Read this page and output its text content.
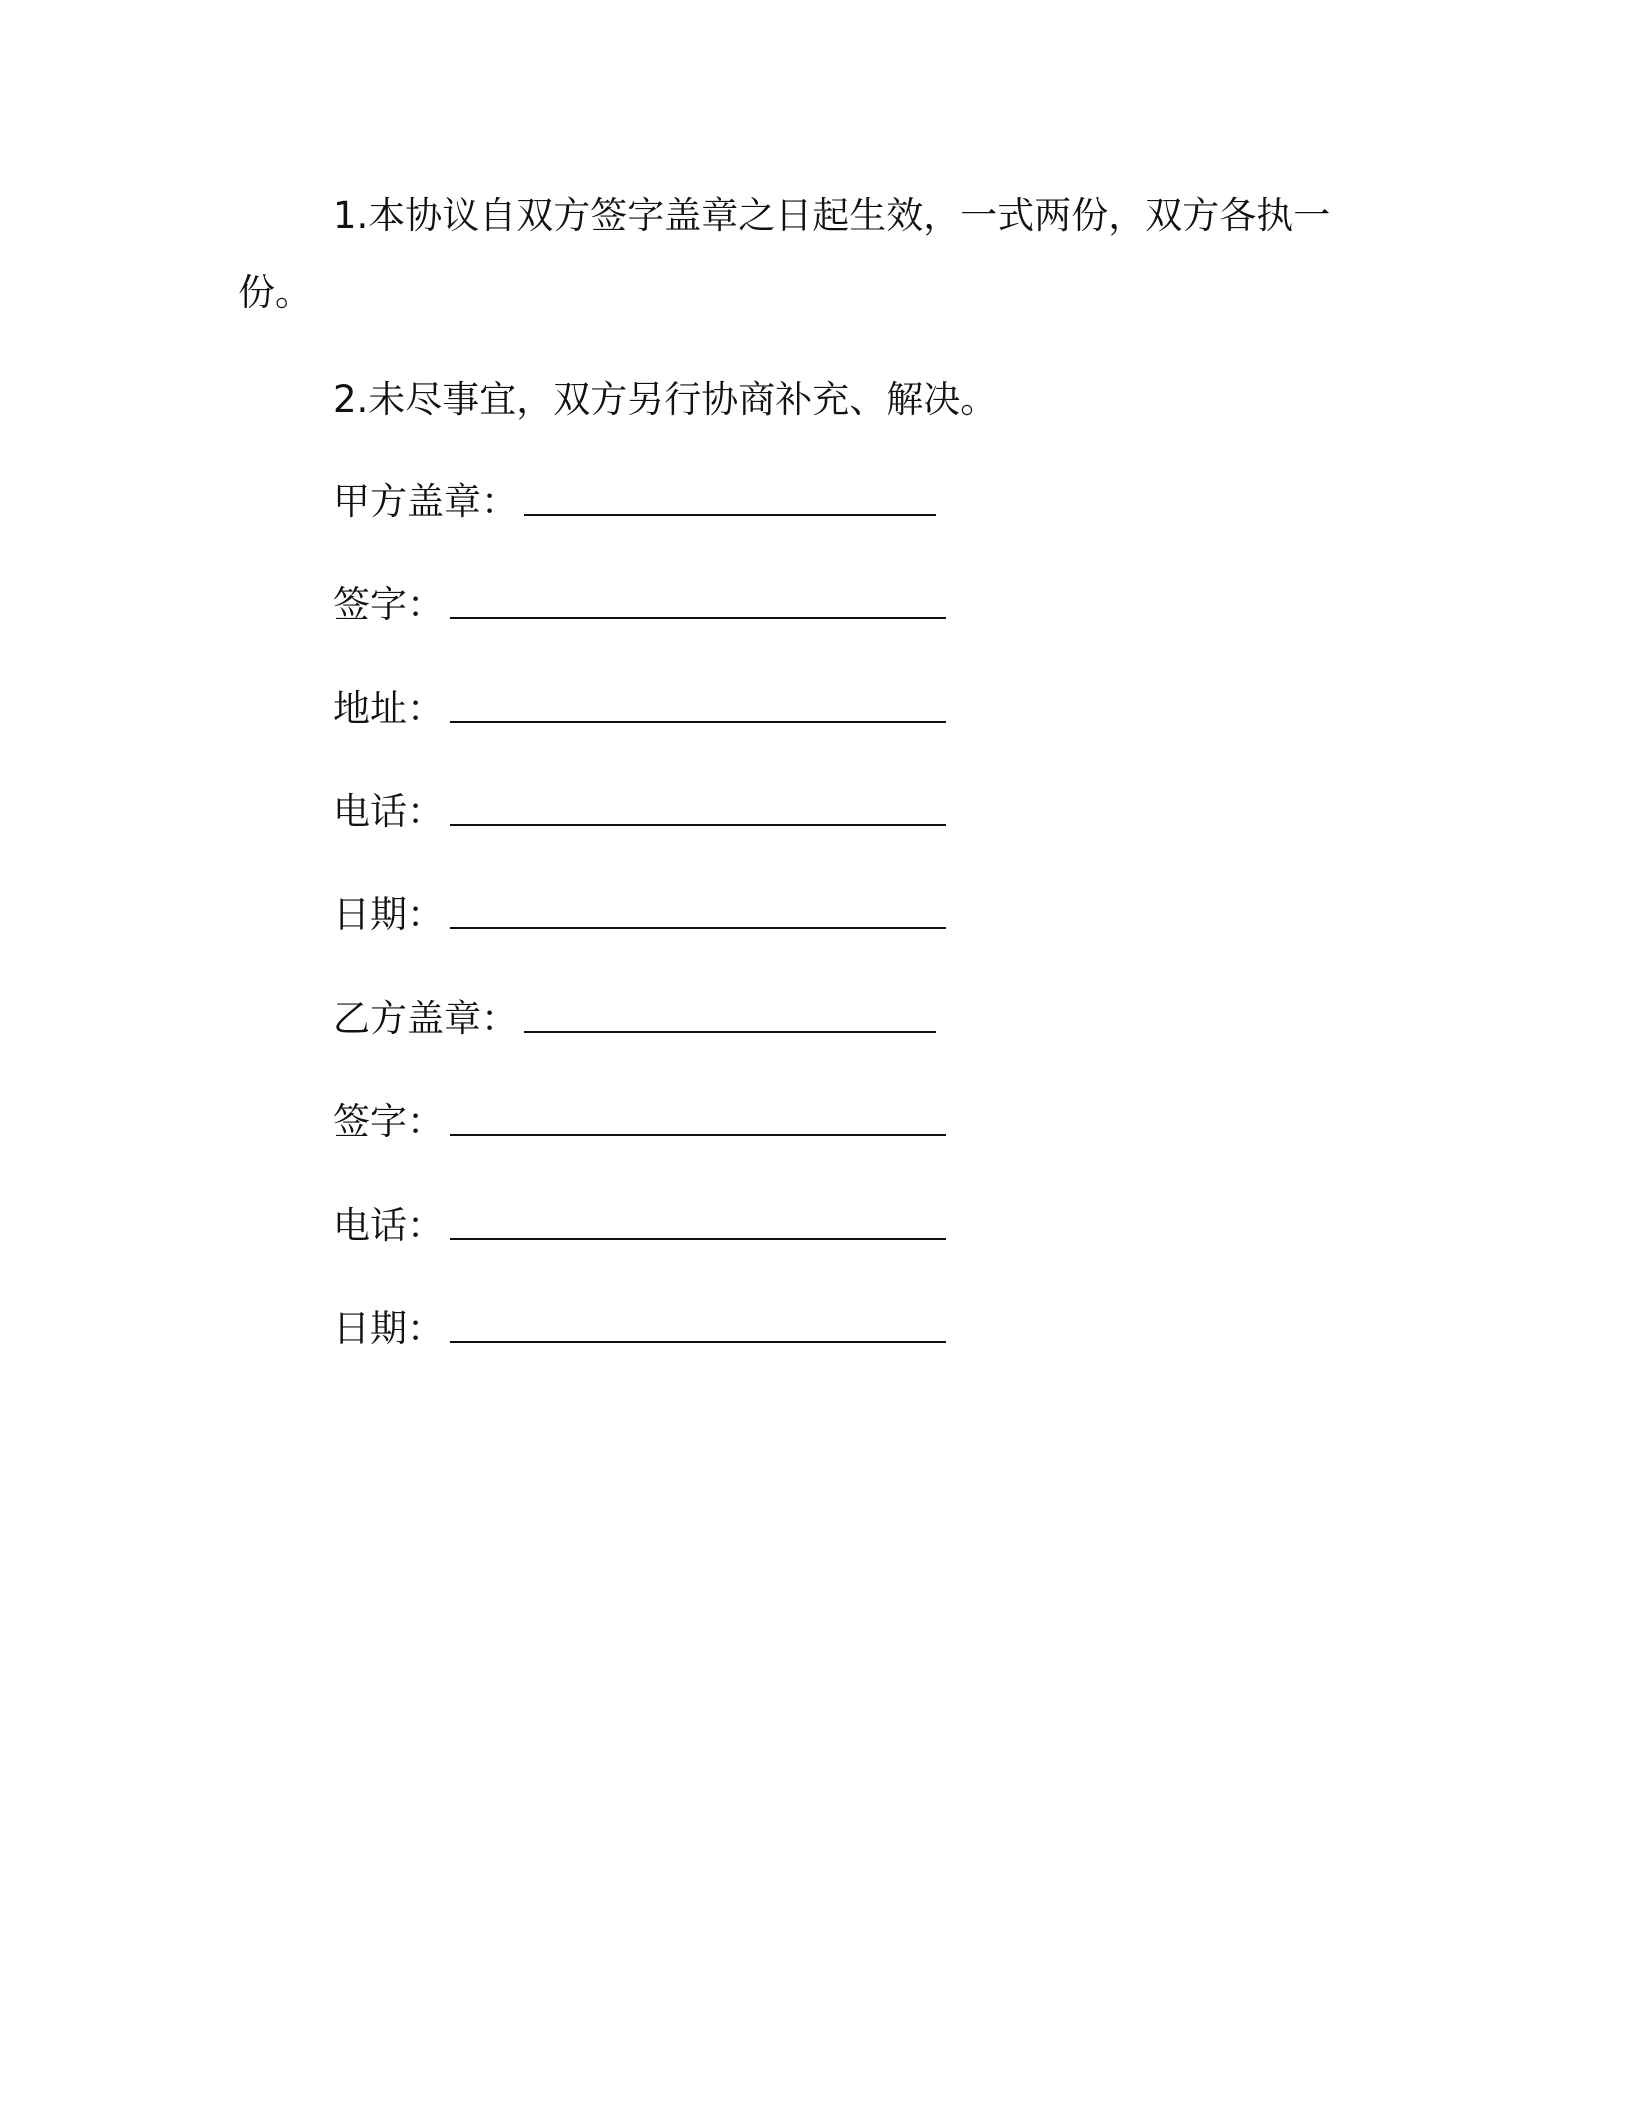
1.本协议自双方签字盖章之日起生效，一式两份，双方各执一

份。

2.未尽事宜，双方另行协商补充、解决。

甲方盖章：
签字：
地址：
电话：
日期：
乙方盖章：
签字：
电话：
日期：
